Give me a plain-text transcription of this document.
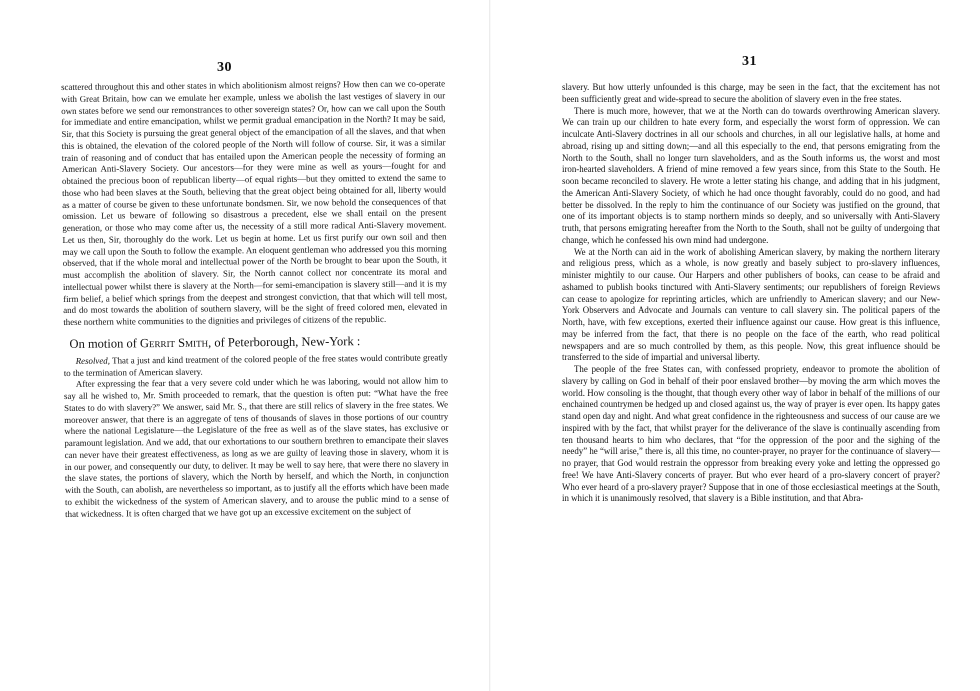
30

scattered throughout this and other states in which abolitionism almost reigns? How then can we co-operate with Great Britain, how can we emulate her example, unless we abolish the last vestiges of slavery in our own states before we send our remonstrances to other sovereign states? Or, how can we call upon the South for immediate and entire emancipation, whilst we permit gradual emancipation in the North? It may be said, Sir, that this Society is pursuing the great general object of the emancipation of all the slaves, and that when this is obtained, the elevation of the colored people of the North will follow of course. Sir, it was a similar train of reasoning and of conduct that has entailed upon the American people the necessity of forming an American Anti-Slavery Society. Our ancestors—for they were mine as well as yours—fought for and obtained the precious boon of republican liberty—of equal rights—but they omitted to extend the same to those who had been slaves at the South, believing that the great object being obtained for all, liberty would as a matter of course be given to these unfortunate bondsmen. Sir, we now behold the consequences of that omission. Let us beware of following so disastrous a precedent, else we shall entail on the present generation, or those who may come after us, the necessity of a still more radical Anti-Slavery movement. Let us then, Sir, thoroughly do the work. Let us begin at home. Let us first purify our own soil and then may we call upon the South to follow the example. An eloquent gentleman who addressed you this morning observed, that if the whole moral and intellectual power of the North be brought to bear upon the South, it must accomplish the abolition of slavery. Sir, the North cannot collect nor concentrate its moral and intellectual power whilst there is slavery at the North—for semi-emancipation is slavery still—and it is my firm belief, a belief which springs from the deepest and strongest conviction, that that which will tell most, and do most towards the abolition of southern slavery, will be the sight of freed colored men, elevated in these northern white communities to the dignities and privileges of citizens of the republic.

On motion of Gerrit Smith, of Peterborough, New-York :

Resolved, That a just and kind treatment of the colored people of the free states would contribute greatly to the termination of American slavery.

After expressing the fear that a very severe cold under which he was laboring, would not allow him to say all he wished to, Mr. Smith proceeded to remark, that the question is often put: “What have the free States to do with slavery?” We answer, said Mr. S., that there are still relics of slavery in the free states. We moreover answer, that there is an aggregate of tens of thousands of slaves in those portions of our country where the national Legislature—the Legislature of the free as well as of the slave states, has exclusive or paramount legislation. And we add, that our exhortations to our southern brethren to emancipate their slaves can never have their greatest effectiveness, as long as we are guilty of leaving those in slavery, whom it is in our power, and consequently our duty, to deliver. It may be well to say here, that were there no slavery in the slave states, the portions of slavery, which the North by herself, and which the North, in conjunction with the South, can abolish, are nevertheless so important, as to justify all the efforts which have been made to exhibit the wickedness of the system of American slavery, and to arouse the public mind to a sense of that wickedness. It is often charged that we have got up an excessive excitement on the subject of

31

slavery. But how utterly unfounded is this charge, may be seen in the fact, that the excitement has not been sufficiently great and wide-spread to secure the abolition of slavery even in the free states.

There is much more, however, that we at the North can do towards overthrowing American slavery. We can train up our children to hate every form, and especially the worst form of oppression. We can inculcate Anti-Slavery doctrines in all our schools and churches, in all our legislative halls, at home and abroad, rising up and sitting down;—and all this especially to the end, that persons emigrating from the North to the South, shall no longer turn slaveholders, and as the South informs us, the worst and most iron-hearted slaveholders. A friend of mine removed a few years since, from this State to the South. He soon became reconciled to slavery. He wrote a letter stating his change, and adding that in his judgment, the American Anti-Slavery Society, of which he had once thought favorably, could do no good, and had better be dissolved. In the reply to him the continuance of our Society was justified on the ground, that one of its important objects is to stamp northern minds so deeply, and so universally with Anti-Slavery truth, that persons emigrating hereafter from the North to the South, shall not be guilty of undergoing that change, which he confessed his own mind had undergone.

We at the North can aid in the work of abolishing American slavery, by making the northern literary and religious press, which as a whole, is now greatly and basely subject to pro-slavery influences, minister mightily to our cause. Our Harpers and other publishers of books, can cease to be afraid and ashamed to publish books tinctured with Anti-Slavery sentiments; our republishers of foreign Reviews can cease to apologize for reprinting articles, which are unfriendly to American slavery; and our New-York Observers and Advocate and Journals can venture to call slavery sin. The political papers of the North, have, with few exceptions, exerted their influence against our cause. How great is this influence, may be inferred from the fact, that there is no people on the face of the earth, who read political newspapers and are so much controlled by them, as this people. Now, this great influence should be transferred to the side of impartial and universal liberty.

The people of the free States can, with confessed propriety, endeavor to promote the abolition of slavery by calling on God in behalf of their poor enslaved brother—by moving the arm which moves the world. How consoling is the thought, that though every other way of labor in behalf of the millions of our enchained countrymen be hedged up and closed against us, the way of prayer is ever open. Its happy gates stand open day and night. And what great confidence in the righteousness and success of our cause are we inspired with by the fact, that whilst prayer for the deliverance of the slave is continually ascending from ten thousand hearts to him who declares, that “for the oppression of the poor and the sighing of the needy” he “will arise,” there is, all this time, no counter-prayer, no prayer for the continuance of slavery—no prayer, that God would restrain the oppressor from breaking every yoke and letting the oppressed go free! We have Anti-Slavery concerts of prayer. But who ever heard of a pro-slavery concert of prayer? Who ever heard of a pro-slavery prayer? Suppose that in one of those ecclesiastical meetings at the South, in which it is unanimously resolved, that slavery is a Bible institution, and that Abra-
